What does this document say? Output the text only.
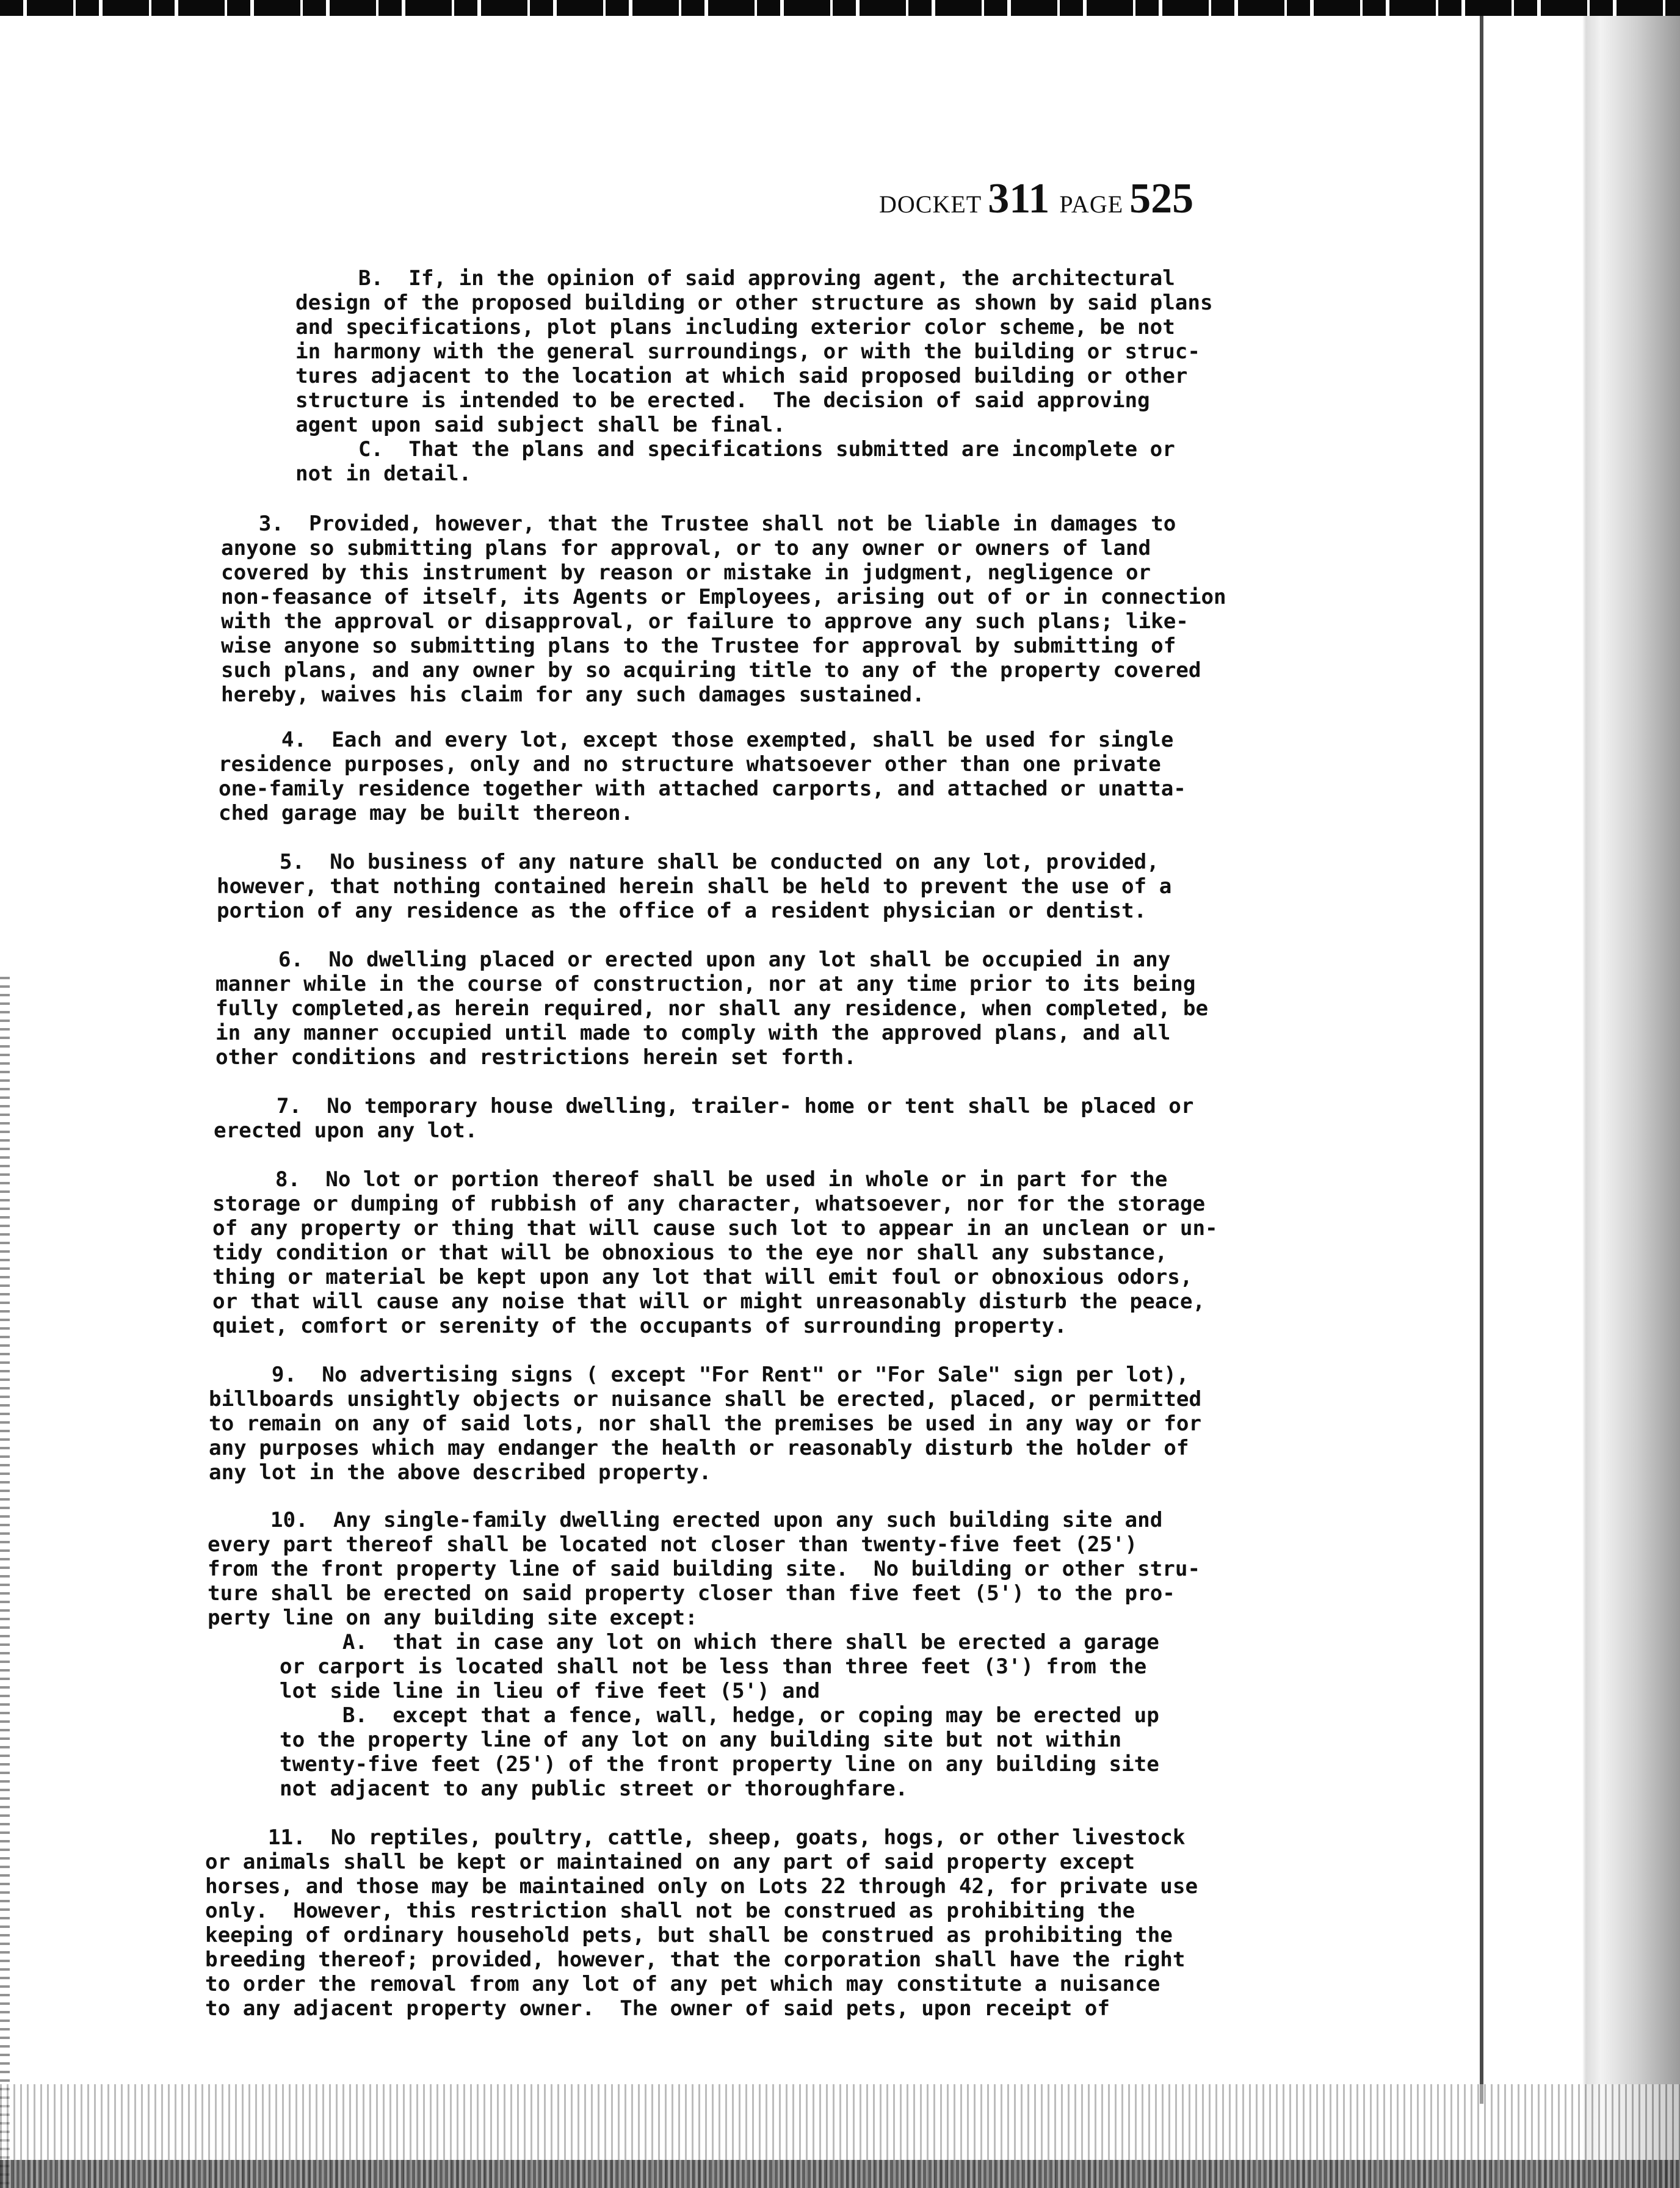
DOCKET 311 PAGE 525

B.  If, in the opinion of said approving agent, the architectural
design of the proposed building or other structure as shown by said plans
and specifications, plot plans including exterior color scheme, be not
in harmony with the general surroundings, or with the building or struc-
tures adjacent to the location at which said proposed building or other
structure is intended to be erected.  The decision of said approving
agent upon said subject shall be final.

C.  That the plans and specifications submitted are incomplete or
not in detail.

3.  Provided, however, that the Trustee shall not be liable in damages to
anyone so submitting plans for approval, or to any owner or owners of land
covered by this instrument by reason or mistake in judgment, negligence or
non-feasance of itself, its Agents or Employees, arising out of or in connection
with the approval or disapproval, or failure to approve any such plans; like-
wise anyone so submitting plans to the Trustee for approval by submitting of
such plans, and any owner by so acquiring title to any of the property covered
hereby, waives his claim for any such damages sustained.

4.  Each and every lot, except those exempted, shall be used for single
residence purposes, only and no structure whatsoever other than one private
one-family residence together with attached carports, and attached or unatta-
ched garage may be built thereon.

5.  No business of any nature shall be conducted on any lot, provided,
however, that nothing contained herein shall be held to prevent the use of a
portion of any residence as the office of a resident physician or dentist.

6.  No dwelling placed or erected upon any lot shall be occupied in any
manner while in the course of construction, nor at any time prior to its being
fully completed,as herein required, nor shall any residence, when completed, be
in any manner occupied until made to comply with the approved plans, and all
other conditions and restrictions herein set forth.

7.  No temporary house dwelling, trailer- home or tent shall be placed or
erected upon any lot.

8.  No lot or portion thereof shall be used in whole or in part for the
storage or dumping of rubbish of any character, whatsoever, nor for the storage
of any property or thing that will cause such lot to appear in an unclean or un-
tidy condition or that will be obnoxious to the eye nor shall any substance,
thing or material be kept upon any lot that will emit foul or obnoxious odors,
or that will cause any noise that will or might unreasonably disturb the peace,
quiet, comfort or serenity of the occupants of surrounding property.

9.  No advertising signs ( except "For Rent" or "For Sale" sign per lot),
billboards unsightly objects or nuisance shall be erected, placed, or permitted
to remain on any of said lots, nor shall the premises be used in any way or for
any purposes which may endanger the health or reasonably disturb the holder of
any lot in the above described property.

10.  Any single-family dwelling erected upon any such building site and
every part thereof shall be located not closer than twenty-five feet (25')
from the front property line of said building site.  No building or other stru-
ture shall be erected on said property closer than five feet (5') to the pro-
perty line on any building site except:

A.  that in case any lot on which there shall be erected a garage
or carport is located shall not be less than three feet (3') from the
lot side line in lieu of five feet (5') and

B.  except that a fence, wall, hedge, or coping may be erected up
to the property line of any lot on any building site but not within
twenty-five feet (25') of the front property line on any building site
not adjacent to any public street or thoroughfare.

11.  No reptiles, poultry, cattle, sheep, goats, hogs, or other livestock
or animals shall be kept or maintained on any part of said property except
horses, and those may be maintained only on Lots 22 through 42, for private use
only.  However, this restriction shall not be construed as prohibiting the
keeping of ordinary household pets, but shall be construed as prohibiting the
breeding thereof; provided, however, that the corporation shall have the right
to order the removal from any lot of any pet which may constitute a nuisance
to any adjacent property owner.  The owner of said pets, upon receipt of
